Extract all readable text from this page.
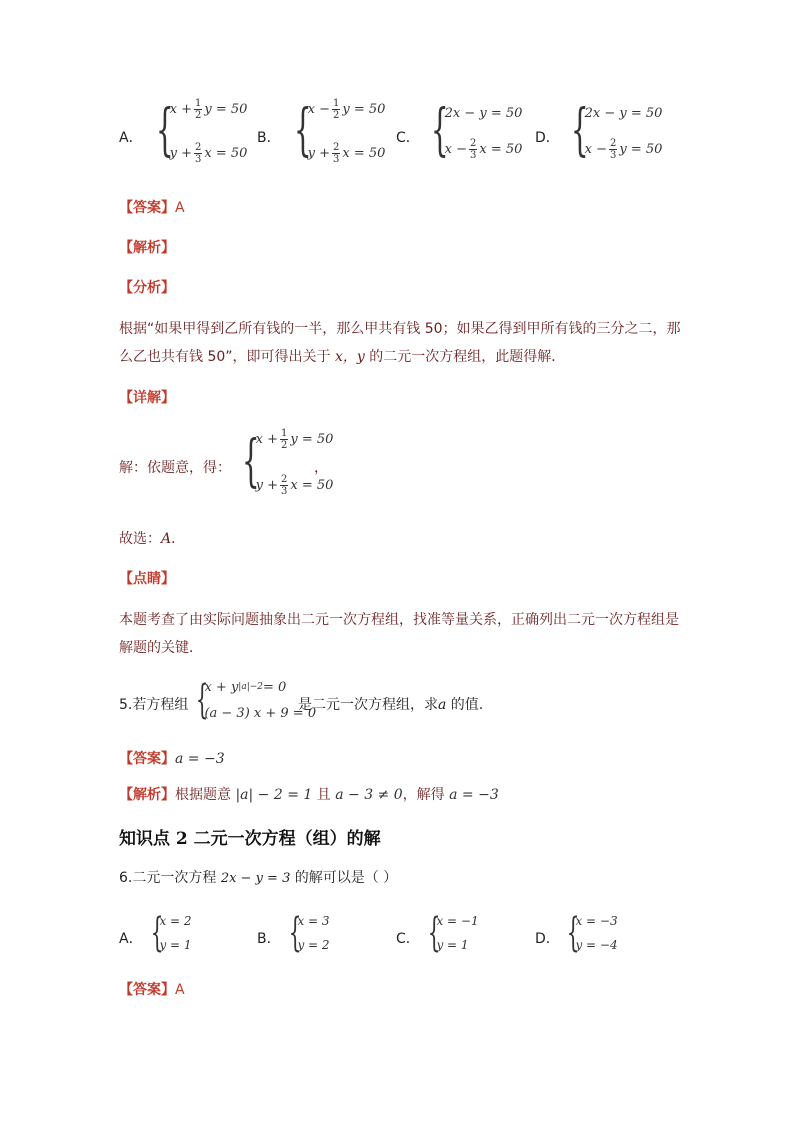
A． {
$x + \frac{1}{2}$ y = 50
$y + \frac{2}{3}$ x = 50
B． {
$x - \frac{1}{2}$ y = 50
$y + \frac{2}{3}$ x = 50
C． {
2x − y = 50
$x - \frac{2}{3}$ x = 50
D． {
2x − y = 50
$x - \frac{2}{3}$ y = 50
【答案】A
【解析】
【分析】
根据“如果甲得到乙所有钱的一半，那么甲共有钱 50；如果乙得到甲所有钱的三分之二，那
么乙也共有钱 50”，即可得出关于 x，y 的二元一次方程组，此题得解．
【详解】
解：依题意，得： {
$x + \frac{1}{2}$ y = 50
$y + \frac{2}{3}$ x = 50
，
故选：A．
【点睛】
本题考查了由实际问题抽象出二元一次方程组，找准等量关系，正确列出二元一次方程组是
解题的关键．
5.若方程组 {
x + y |a|−2 = 0
(a − 3) x + 9 = 0
是二元一次方程组，求a 的值.
【答案】a = −3
【解析】根据题意 |a| − 2 = 1 且 a − 3 ≠ 0，解得 a = −3
知识点 2 二元一次方程（组）的解
6.二元一次方程 2x − y = 3 的解可以是（ ）
A． {
x = 2
y = 1	B． {
x = 3
y = 2	C． {
x = −1
y = 1	D． {
x = −3
y = −4
【答案】A
